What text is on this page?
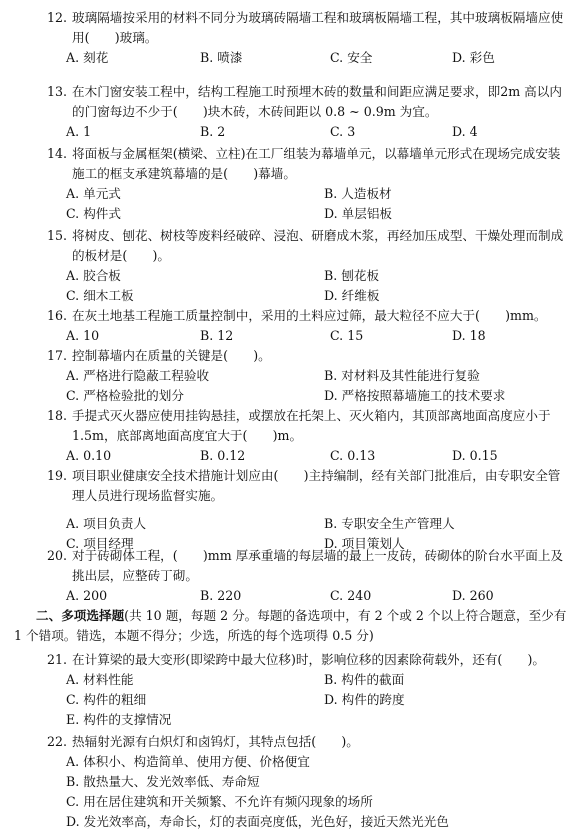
12. 玻璃隔墙按采用的材料不同分为玻璃砖隔墙工程和玻璃板隔墙工程，其中玻璃板隔墙应使用(　　)玻璃。
A. 刻花	B. 喷漆	C. 安全	D. 彩色
13. 在木门窗安装工程中，结构工程施工时预埋木砖的数量和间距应满足要求，即2m 高以内的门窗每边不少于(　　)块木砖，木砖间距以 0.8 ~ 0.9m 为宜。
A. 1	B. 2	C. 3	D. 4
14. 将面板与金属框架(横梁、立柱)在工厂组装为幕墙单元，以幕墙单元形式在现场完成安装施工的框支承建筑幕墙的是(　　)幕墙。
A. 单元式	B. 人造板材
C. 构件式	D. 单层铝板
15. 将树皮、刨花、树枝等废料经破碎、浸泡、研磨成木浆，再经加压成型、干燥处理而制成的板材是(　　)。
A. 胶合板	B. 刨花板
C. 细木工板	D. 纤维板
16. 在灰土地基工程施工质量控制中，采用的土料应过筛，最大粒径不应大于(　　)mm。
A. 10	B. 12	C. 15	D. 18
17. 控制幕墙内在质量的关键是(　　)。
A. 严格进行隐蔽工程验收	B. 对材料及其性能进行复验
C. 严格检验批的划分	D. 严格按照幕墙施工的技术要求
18. 手提式灭火器应使用挂钩悬挂，或摆放在托架上、灭火箱内，其顶部离地面高度应小于 1.5m，底部离地面高度宜大于(　　)m。
A. 0.10	B. 0.12	C. 0.13	D. 0.15
19. 项目职业健康安全技术措施计划应由(　　)主持编制，经有关部门批准后，由专职安全管理人员进行现场监督实施。
A. 项目负责人	B. 专职安全生产管理人
C. 项目经理	D. 项目策划人
20. 对于砖砌体工程，(　　)mm 厚承重墙的每层墙的最上一皮砖，砖砌体的阶台水平面上及挑出层，应整砖丁砌。
A. 200	B. 220	C. 240	D. 260
二、多项选择题(共 10 题，每题 2 分。每题的备选项中，有 2 个或 2 个以上符合题意，至少有
1 个错项。错选，本题不得分；少选，所选的每个选项得 0.5 分)
21. 在计算梁的最大变形(即梁跨中最大位移)时，影响位移的因素除荷载外，还有(　　)。
A. 材料性能	B. 构件的截面
C. 构件的粗细	D. 构件的跨度
E. 构件的支撑情况
22. 热辐射光源有白炽灯和卤钨灯，其特点包括(　　)。
A. 体积小、构造简单、使用方便、价格便宜
B. 散热量大、发光效率低、寿命短
C. 用在居住建筑和开关频繁、不允许有频闪现象的场所
D. 发光效率高，寿命长，灯的表面亮度低，光色好，接近天然光光色
